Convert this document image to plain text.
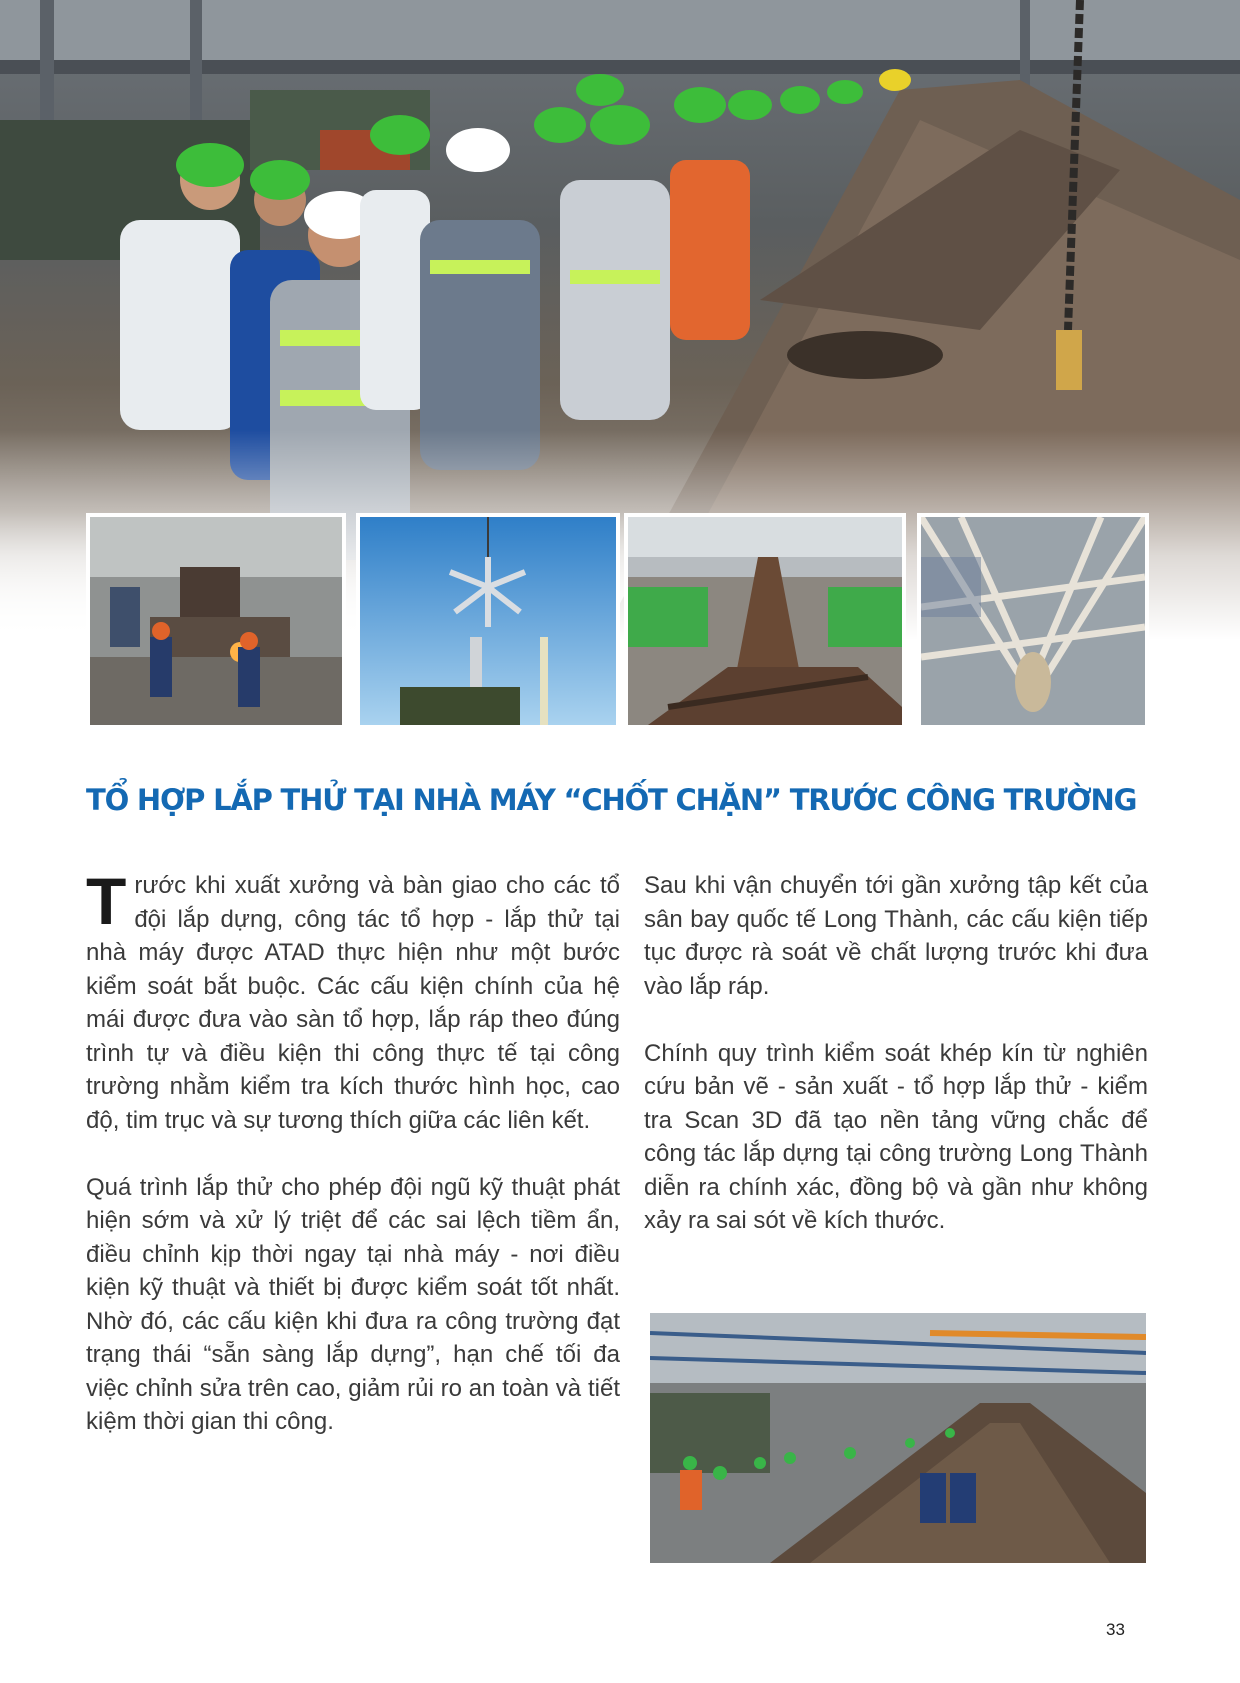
TỔ HỢP LẮP THỬ TẠI NHÀ MÁY “CHỐT CHẶN” TRƯỚC CÔNG TRƯỜNG

Trước khi xuất xưởng và bàn giao cho các tổ đội lắp dựng, công tác tổ hợp - lắp thử tại nhà máy được ATAD thực hiện như một bước kiểm soát bắt buộc. Các cấu kiện chính của hệ mái được đưa vào sàn tổ hợp, lắp ráp theo đúng trình tự và điều kiện thi công thực tế tại công trường nhằm kiểm tra kích thước hình học, cao độ, tim trục và sự tương thích giữa các liên kết.

Quá trình lắp thử cho phép đội ngũ kỹ thuật phát hiện sớm và xử lý triệt để các sai lệch tiềm ẩn, điều chỉnh kịp thời ngay tại nhà máy - nơi điều kiện kỹ thuật và thiết bị được kiểm soát tốt nhất. Nhờ đó, các cấu kiện khi đưa ra công trường đạt trạng thái “sẵn sàng lắp dựng”, hạn chế tối đa việc chỉnh sửa trên cao, giảm rủi ro an toàn và tiết kiệm thời gian thi công.

Sau khi vận chuyển tới gần xưởng tập kết của sân bay quốc tế Long Thành, các cấu kiện tiếp tục được rà soát về chất lượng trước khi đưa vào lắp ráp.

Chính quy trình kiểm soát khép kín từ nghiên cứu bản vẽ - sản xuất - tổ hợp lắp thử - kiểm tra Scan 3D đã tạo nền tảng vững chắc để công tác lắp dựng tại công trường Long Thành diễn ra chính xác, đồng bộ và gần như không xảy ra sai sót về kích thước.

33
